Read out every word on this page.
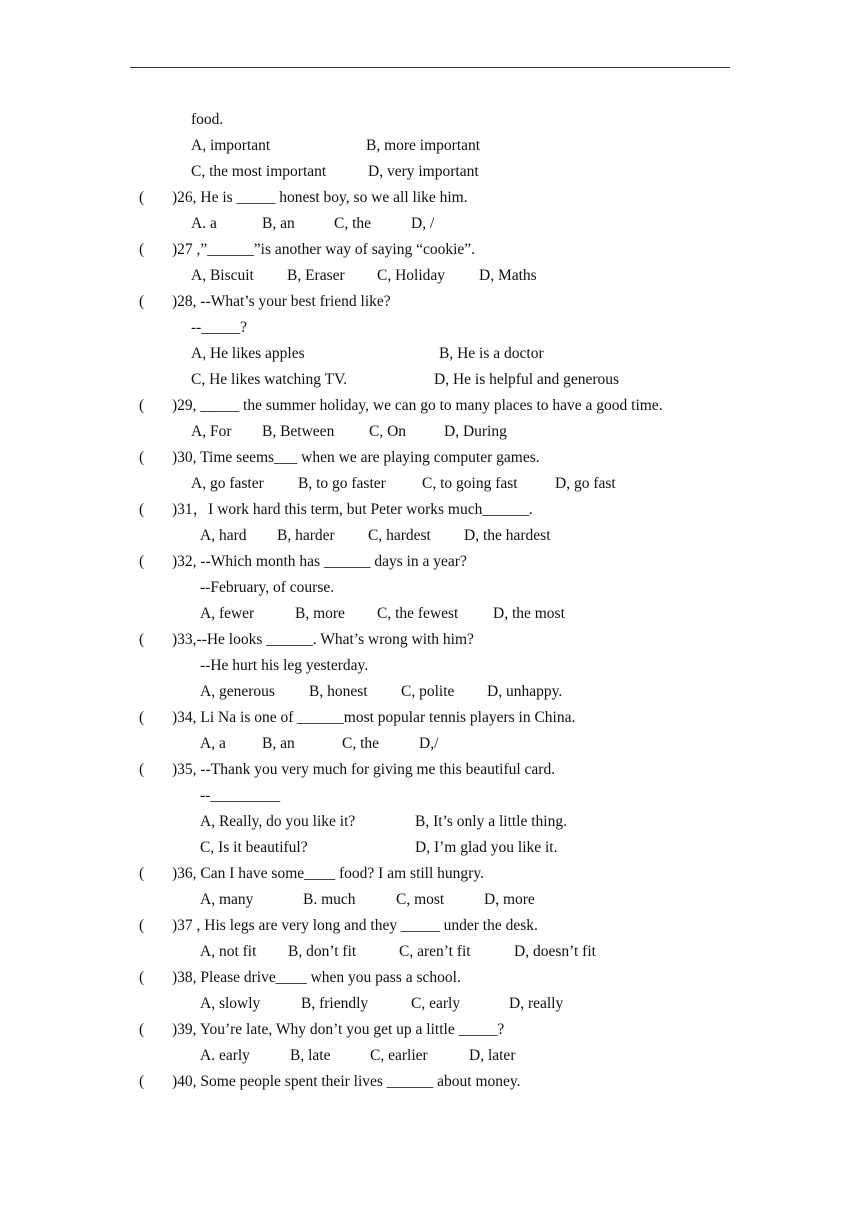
food.
A, important	B, more important
C, the most important	D, very important
( )26, He is _____ honest boy, so we all like him.
A. a	B, an	C, the	D, /
( )27 ,”______”is another way of saying “cookie”.
A, Biscuit B, Eraser C, Holiday D, Maths
( )28, --What’s your best friend like?
--_____?
A, He likes apples	B, He is a doctor
C, He likes watching TV.	D, He is helpful and generous
( )29, _____ the summer holiday, we can go to many places to have a good time.
A, For B, Between C, On D, During
( )30, Time seems___ when we are playing computer games.
A, go faster B, to go faster C, to going fast D, go fast
( )31，I work hard this term, but Peter works much______.
A, hard B, harder C, hardest D, the hardest
( )32, --Which month has ______ days in a year?
--February, of course.
A, fewer	B, more C, the fewest D, the most
( )33,--He looks ______. What’s wrong with him?
--He hurt his leg yesterday.
A, generous B, honest C, polite D, unhappy.
( )34, Li Na is one of ______most popular tennis players in China.
A, a B, an	C, the	D,/
( )35, --Thank you very much for giving me this beautiful card.
--_________
A, Really, do you like it?	B, It’s only a little thing.
C, Is it beautiful?	D, I’m glad you like it.
( )36, Can I have some____ food? I am still hungry.
A, many	B. much	C, most	D, more
( )37 , His legs are very long and they _____ under the desk.
A, not fit B, don’t fit	C, aren’t fit	D, doesn’t fit
( )38, Please drive____ when you pass a school.
A, slowly	B, friendly	C, early	D, really
( )39, You’re late, Why don’t you get up a little _____?
A. early	B, late	C, earlier	D, later
( )40, Some people spent their lives ______ about money.
